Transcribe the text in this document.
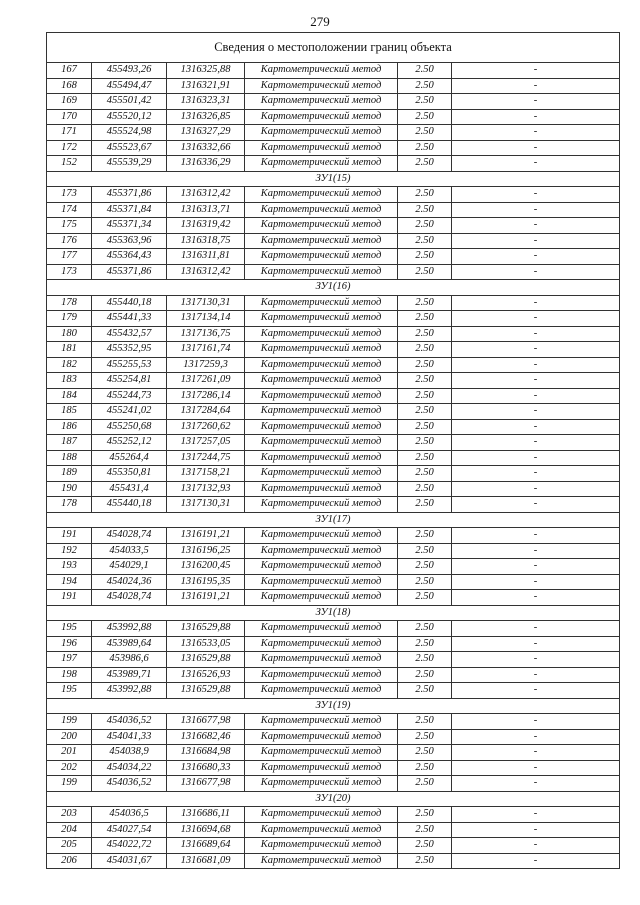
279
Сведения о местоположении границ объекта					
167	455493,26	1316325,88	Картометрический метод	2.50	-
168	455494,47	1316321,91	Картометрический метод	2.50	-
169	455501,42	1316323,31	Картометрический метод	2.50	-
170	455520,12	1316326,85	Картометрический метод	2.50	-
171	455524,98	1316327,29	Картометрический метод	2.50	-
172	455523,67	1316332,66	Картометрический метод	2.50	-
152	455539,29	1316336,29	Картометрический метод	2.50	-
ЗУ1(15)					
173	455371,86	1316312,42	Картометрический метод	2.50	-
174	455371,84	1316313,71	Картометрический метод	2.50	-
175	455371,34	1316319,42	Картометрический метод	2.50	-
176	455363,96	1316318,75	Картометрический метод	2.50	-
177	455364,43	1316311,81	Картометрический метод	2.50	-
173	455371,86	1316312,42	Картометрический метод	2.50	-
ЗУ1(16)					
178	455440,18	1317130,31	Картометрический метод	2.50	-
179	455441,33	1317134,14	Картометрический метод	2.50	-
180	455432,57	1317136,75	Картометрический метод	2.50	-
181	455352,95	1317161,74	Картометрический метод	2.50	-
182	455255,53	1317259,3	Картометрический метод	2.50	-
183	455254,81	1317261,09	Картометрический метод	2.50	-
184	455244,73	1317286,14	Картометрический метод	2.50	-
185	455241,02	1317284,64	Картометрический метод	2.50	-
186	455250,68	1317260,62	Картометрический метод	2.50	-
187	455252,12	1317257,05	Картометрический метод	2.50	-
188	455264,4	1317244,75	Картометрический метод	2.50	-
189	455350,81	1317158,21	Картометрический метод	2.50	-
190	455431,4	1317132,93	Картометрический метод	2.50	-
178	455440,18	1317130,31	Картометрический метод	2.50	-
ЗУ1(17)					
191	454028,74	1316191,21	Картометрический метод	2.50	-
192	454033,5	1316196,25	Картометрический метод	2.50	-
193	454029,1	1316200,45	Картометрический метод	2.50	-
194	454024,36	1316195,35	Картометрический метод	2.50	-
191	454028,74	1316191,21	Картометрический метод	2.50	-
ЗУ1(18)					
195	453992,88	1316529,88	Картометрический метод	2.50	-
196	453989,64	1316533,05	Картометрический метод	2.50	-
197	453986,6	1316529,88	Картометрический метод	2.50	-
198	453989,71	1316526,93	Картометрический метод	2.50	-
195	453992,88	1316529,88	Картометрический метод	2.50	-
ЗУ1(19)					
199	454036,52	1316677,98	Картометрический метод	2.50	-
200	454041,33	1316682,46	Картометрический метод	2.50	-
201	454038,9	1316684,98	Картометрический метод	2.50	-
202	454034,22	1316680,33	Картометрический метод	2.50	-
199	454036,52	1316677,98	Картометрический метод	2.50	-
ЗУ1(20)					
203	454036,5	1316686,11	Картометрический метод	2.50	-
204	454027,54	1316694,68	Картометрический метод	2.50	-
205	454022,72	1316689,64	Картометрический метод	2.50	-
206	454031,67	1316681,09	Картометрический метод	2.50	-
